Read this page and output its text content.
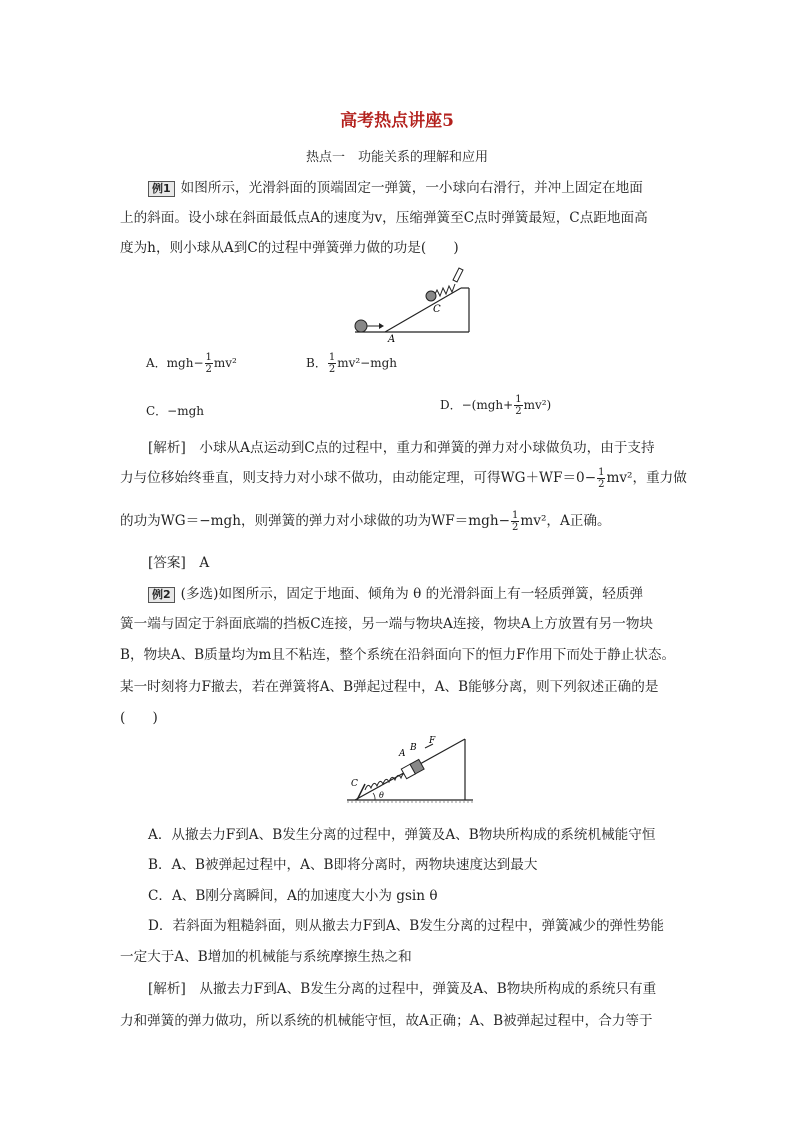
高考热点讲座5
热点一　功能关系的理解和应用
例1 如图所示，光滑斜面的顶端固定一弹簧，一小球向右滑行，并冲上固定在地面
上的斜面。设小球在斜面最低点A的速度为v，压缩弹簧至C点时弹簧最短，C点距地面高
度为h，则小球从A到C的过程中弹簧弹力做的功是(　　)
C
A
A．$mgh- \frac{1}{2} mv^2$	B． $\frac{1}{2} mv^2-mgh$
C．−mgh	D．$-(mgh+ \frac{1}{2} mv^2)$
[解析]　小球从A点运动到C点的过程中，重力和弹簧的弹力对小球做负功，由于支持
力与位移始终垂直，则支持力对小球不做功，由动能定理，可得$WG+WF=0- \frac{1}{2} mv^2$，重力做
的功为WG＝−mgh，则弹簧的弹力对小球做的功为$WF=mgh- \frac{1}{2} mv^2$，A正确。
[答案]　A
例2 (多选)如图所示，固定于地面、倾角为 θ 的光滑斜面上有一轻质弹簧，轻质弹
簧一端与固定于斜面底端的挡板C连接，另一端与物块A连接，物块A上方放置有另一物块
B，物块A、B质量均为m且不粘连，整个系统在沿斜面向下的恒力F作用下而处于静止状态。
某一时刻将力F撤去，若在弹簧将A、B弹起过程中，A、B能够分离，则下列叙述正确的是
(　　)
A
B
F
C
θ
A．从撤去力F到A、B发生分离的过程中，弹簧及A、B物块所构成的系统机械能守恒
B．A、B被弹起过程中，A、B即将分离时，两物块速度达到最大
C．A、B刚分离瞬间，A的加速度大小为 gsin θ
D．若斜面为粗糙斜面，则从撤去力F到A、B发生分离的过程中，弹簧减少的弹性势能
一定大于A、B增加的机械能与系统摩擦生热之和
[解析]　从撤去力F到A、B发生分离的过程中，弹簧及A、B物块所构成的系统只有重
力和弹簧的弹力做功，所以系统的机械能守恒，故A正确；A、B被弹起过程中，合力等于
